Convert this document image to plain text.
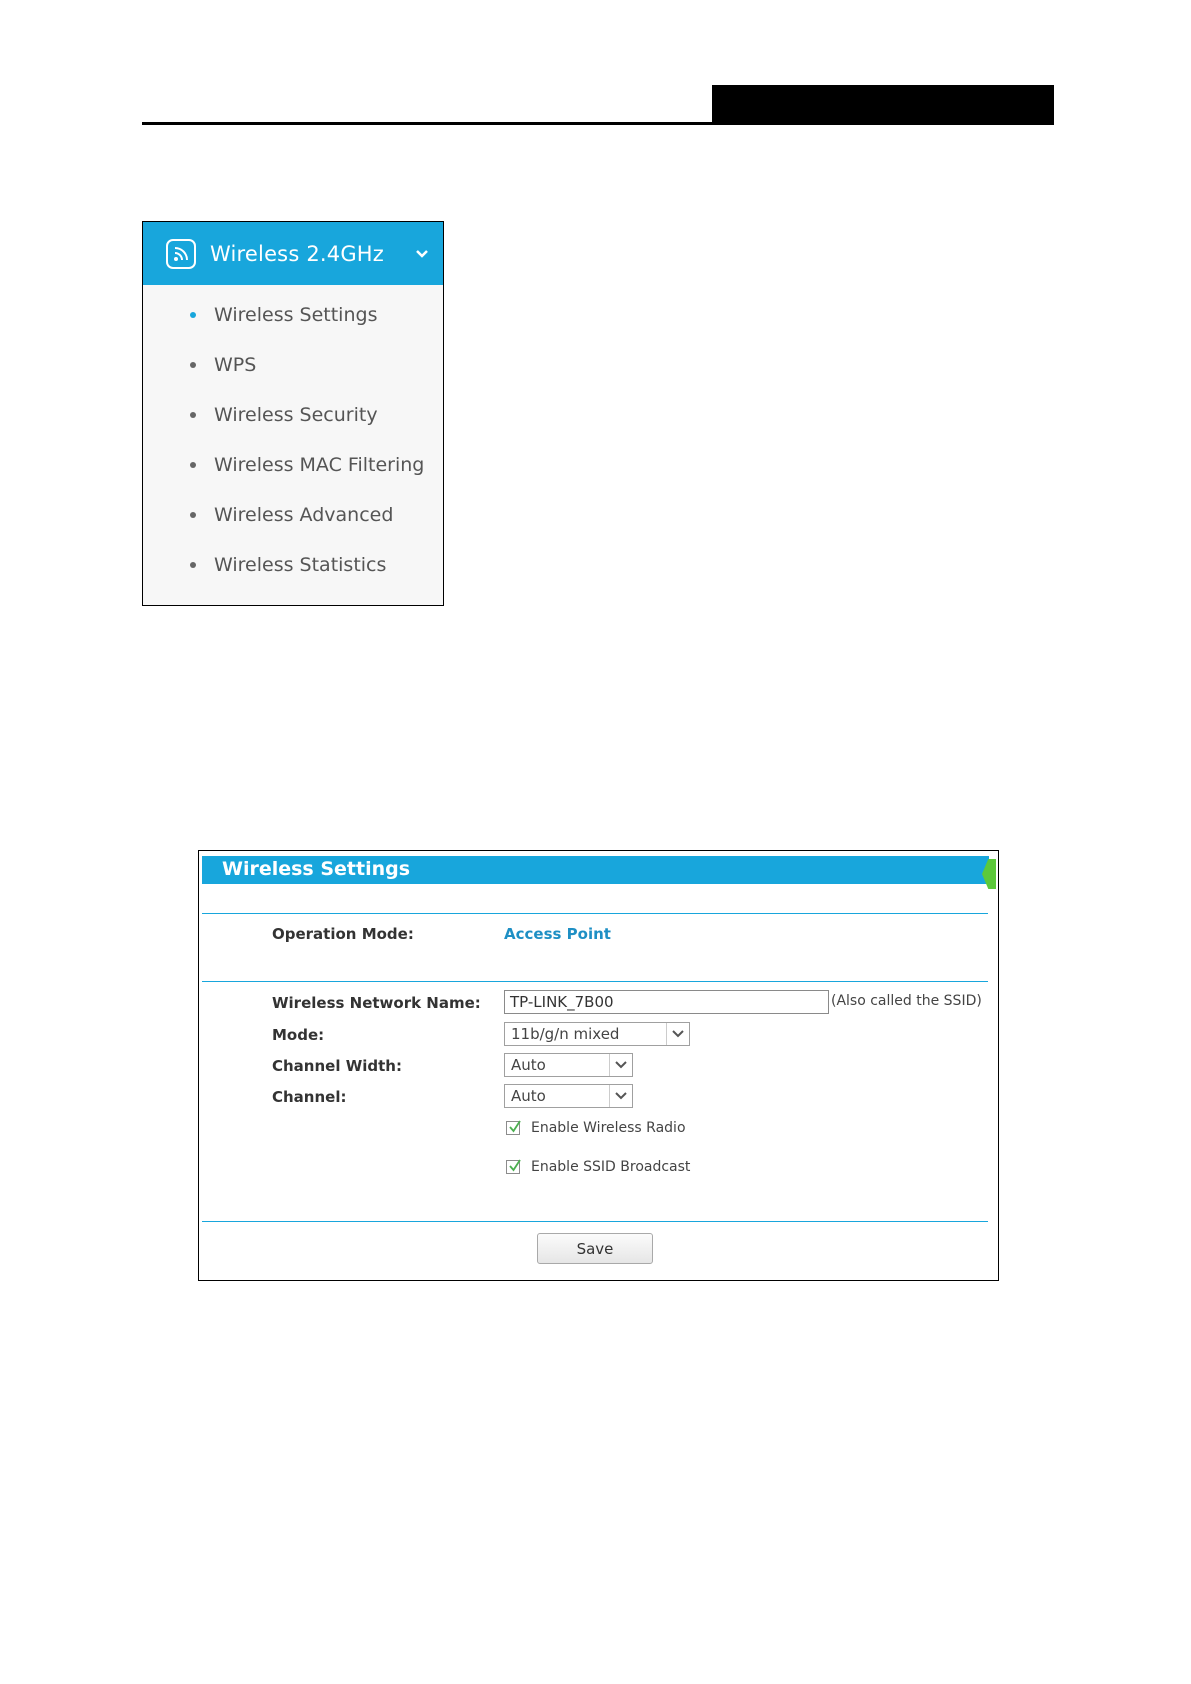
Wireless 2.4GHz
Wireless Settings
WPS
Wireless Security
Wireless MAC Filtering
Wireless Advanced
Wireless Statistics
Wireless Settings
Operation Mode:	Access Point
Wireless Network Name:	TP-LINK_7B00	(Also called the SSID)
Mode:	11b/g/n mixed
Channel Width:	Auto
Channel:	Auto
Enable Wireless Radio
Enable SSID Broadcast
Save
